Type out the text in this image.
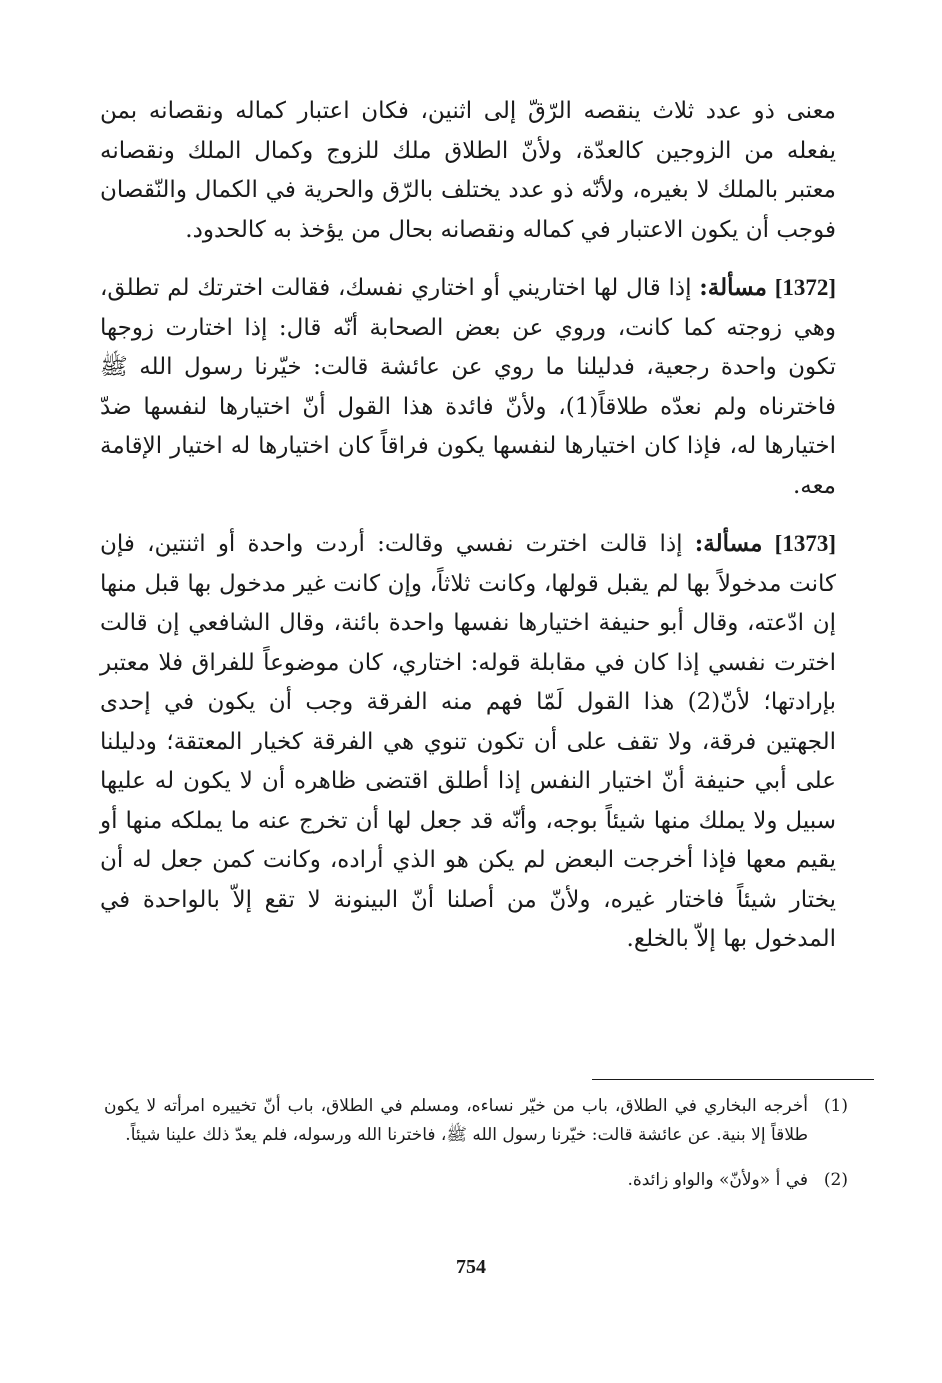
معنى ذو عدد ثلاث ينقصه الرّقّ إلى اثنين، فكان اعتبار كماله ونقصانه بمن يفعله من الزوجين كالعدّة، ولأنّ الطلاق ملك للزوج وكمال الملك ونقصانه معتبر بالملك لا بغيره، ولأنّه ذو عدد يختلف بالرّق والحرية في الكمال والنّقصان فوجب أن يكون الاعتبار في كماله ونقصانه بحال من يؤخذ به كالحدود.

[1372] مسألة: إذا قال لها اختاريني أو اختاري نفسك، فقالت اخترتك لم تطلق، وهي زوجته كما كانت، وروي عن بعض الصحابة أنّه قال: إذا اختارت زوجها تكون واحدة رجعية، فدليلنا ما روي عن عائشة قالت: خيّرنا رسول الله ﷺ فاخترناه ولم نعدّه طلاقاً(1)، ولأنّ فائدة هذا القول أنّ اختيارها لنفسها ضدّ اختيارها له، فإذا كان اختيارها لنفسها يكون فراقاً كان اختيارها له اختيار الإقامة معه.

[1373] مسألة: إذا قالت اخترت نفسي وقالت: أردت واحدة أو اثنتين، فإن كانت مدخولاً بها لم يقبل قولها، وكانت ثلاثاً، وإن كانت غير مدخول بها قبل منها إن ادّعته، وقال أبو حنيفة اختيارها نفسها واحدة بائنة، وقال الشافعي إن قالت اخترت نفسي إذا كان في مقابلة قوله: اختاري، كان موضوعاً للفراق فلا معتبر بإرادتها؛ لأنّ(2) هذا القول لَمّا فهم منه الفرقة وجب أن يكون في إحدى الجهتين فرقة، ولا تقف على أن تكون تنوي هي الفرقة كخيار المعتقة؛ ودليلنا على أبي حنيفة أنّ اختيار النفس إذا أطلق اقتضى ظاهره أن لا يكون له عليها سبيل ولا يملك منها شيئاً بوجه، وأنّه قد جعل لها أن تخرج عنه ما يملكه منها أو يقيم معها فإذا أخرجت البعض لم يكن هو الذي أراده، وكانت كمن جعل له أن يختار شيئاً فاختار غيره، ولأنّ من أصلنا أنّ البينونة لا تقع إلاّ بالواحدة في المدخول بها إلاّ بالخلع.

(1)
أخرجه البخاري في الطلاق، باب من خيّر نساءه، ومسلم في الطلاق، باب أنّ تخييره امرأته لا يكون طلاقاً إلا بنية. عن عائشة قالت: خيّرنا رسول الله ﷺ، فاخترنا الله ورسوله، فلم يعدّ ذلك علينا شيئاً.
(2)
في أ «ولأنّ» والواو زائدة.
754
